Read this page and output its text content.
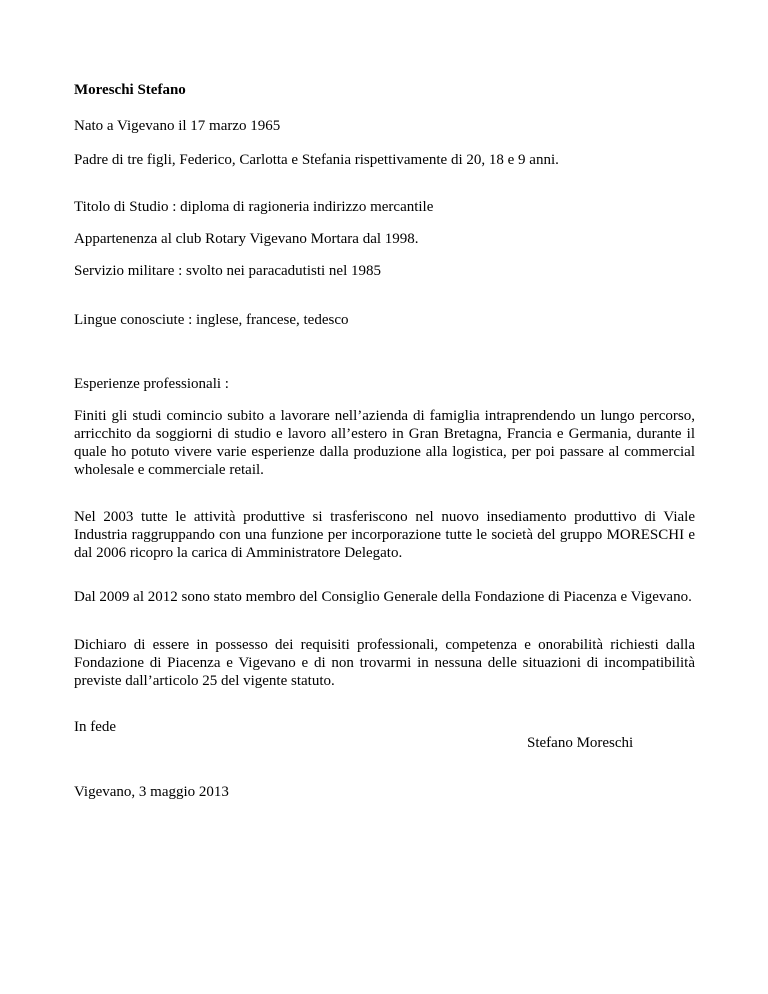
Moreschi Stefano

Nato a Vigevano il 17 marzo 1965

Padre di tre figli, Federico, Carlotta e Stefania rispettivamente di 20, 18 e 9 anni.

Titolo di Studio : diploma di ragioneria indirizzo mercantile

Appartenenza al club Rotary Vigevano Mortara dal 1998.

Servizio militare : svolto nei paracadutisti nel 1985

Lingue conosciute : inglese, francese, tedesco

Esperienze professionali :

Finiti gli studi comincio subito a lavorare nell’azienda di famiglia intraprendendo un lungo percorso, arricchito da soggiorni di studio e lavoro all’estero in Gran Bretagna, Francia e Germania, durante il quale ho potuto vivere varie esperienze dalla produzione alla logistica, per poi passare al commercial wholesale e commerciale retail.

Nel 2003 tutte le attività produttive si trasferiscono nel nuovo insediamento produttivo di Viale Industria raggruppando con una funzione per incorporazione tutte le società del gruppo MORESCHI e dal 2006 ricopro la carica di Amministratore Delegato.

Dal 2009 al 2012 sono stato membro del Consiglio Generale della Fondazione di Piacenza e Vigevano.

Dichiaro di essere in possesso dei requisiti professionali, competenza e onorabilità richiesti dalla Fondazione di Piacenza e Vigevano e di non trovarmi in nessuna delle situazioni di incompatibilità previste dall’articolo 25 del vigente statuto.

In fede

Stefano Moreschi

Vigevano, 3 maggio 2013
